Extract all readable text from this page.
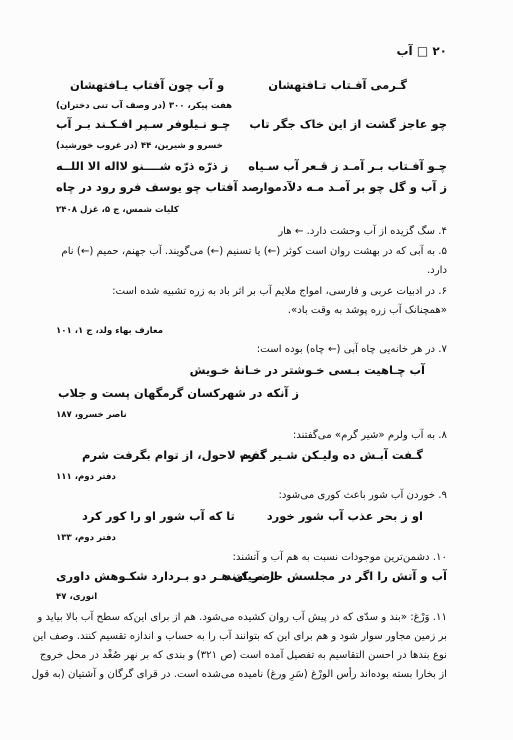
۲۰ □ آب
گـرمی آفـتاب تـافتهشان
و آب چون آفتاب یـافتهشان
هفت پیکر، ۳۰۰ (در وصف آب تنی دختران)
چو عاجز گشت از این خاک جگر تاب
چـو نـیلوفر سـپر افـکـند بـر آب
خسرو و شیرین، ۴۴ (در غروب خورشید)
چـو آفـتاب بـر آمـد ز قـعر آب سـیاه
ز ذرّه ذرّه شــــنو لااله الا اللــه
ز آب و گل چو بر آمـد مـه دلآدموار
صد آفتاب چو یوسف فرو رود در چاه
کلیات شمس، ج ۵، غزل ۲۴۰۸
۴. سگ گزیده از آب وحشت دارد. ← هار
۵. به آبی که در بهشت روان است کوثر (←) یا تسنیم (←) می‌گویند. آب جهنم، حمیم (←) نام
دارد.
۶. در ادبیات عربی و فارسی، امواج ملایم آب بر اثر باد به زره تشبیه شده است:
«همچنانک آب زره پوشد به وقت باد».
معارف بهاء ولد، ج ۱، ۱۰۱
۷. در هر خانه‌یی چاه آبی (← چاه) بوده است:
آب چـاهیت بـسی خـوشتر در خـانهٔ خـویش
ز آنکه در شهرکسان گرمگهان پست و جلاب
ناصر خسرو، ۱۸۷
۸. به آب ولرم «شیر گرم» می‌گفتند:
گـفت آبـش ده ولیـکن شـیر گـرم
گفت لاحول، از توام بگرفت شرم
دفتر دوم، ۱۱۱
۹. خوردن آب شور باعث کوری می‌شود:
او ز بحر عذب آب شور خورد
تا که آب شور او را کور کرد
دفتر دوم، ۱۳۳
۱۰. دشمن‌ترین موجودات نسبت به هم آب و آتشند:
آب و آتش را اگر در مجلسش حاضر کنند
از مـیان هـر دو بـردارد شکـوهش داوری
انوری، ۴۷
۱۱. وَرْغ: «بند و سدّی که در پیش آب روان کشیده می‌شود. هم از برای این‌که سطح آب بالا بیاید و
بر زمین مجاور سوار شود و هم برای این که بتوانند آب را به حساب و اندازه تقسیم کنند. وصف این
نوع بندها در احسن التقاسیم به تفصیل آمده است (ص ۳۲۱) و بندی که بر نهر صُغْد در محل خروج
از بخارا بسته بوده‌اند رأس الورْغ (سَرِ ورغ) نامیده می‌شده است. در قرای گرگان و آشتیان (به قول
